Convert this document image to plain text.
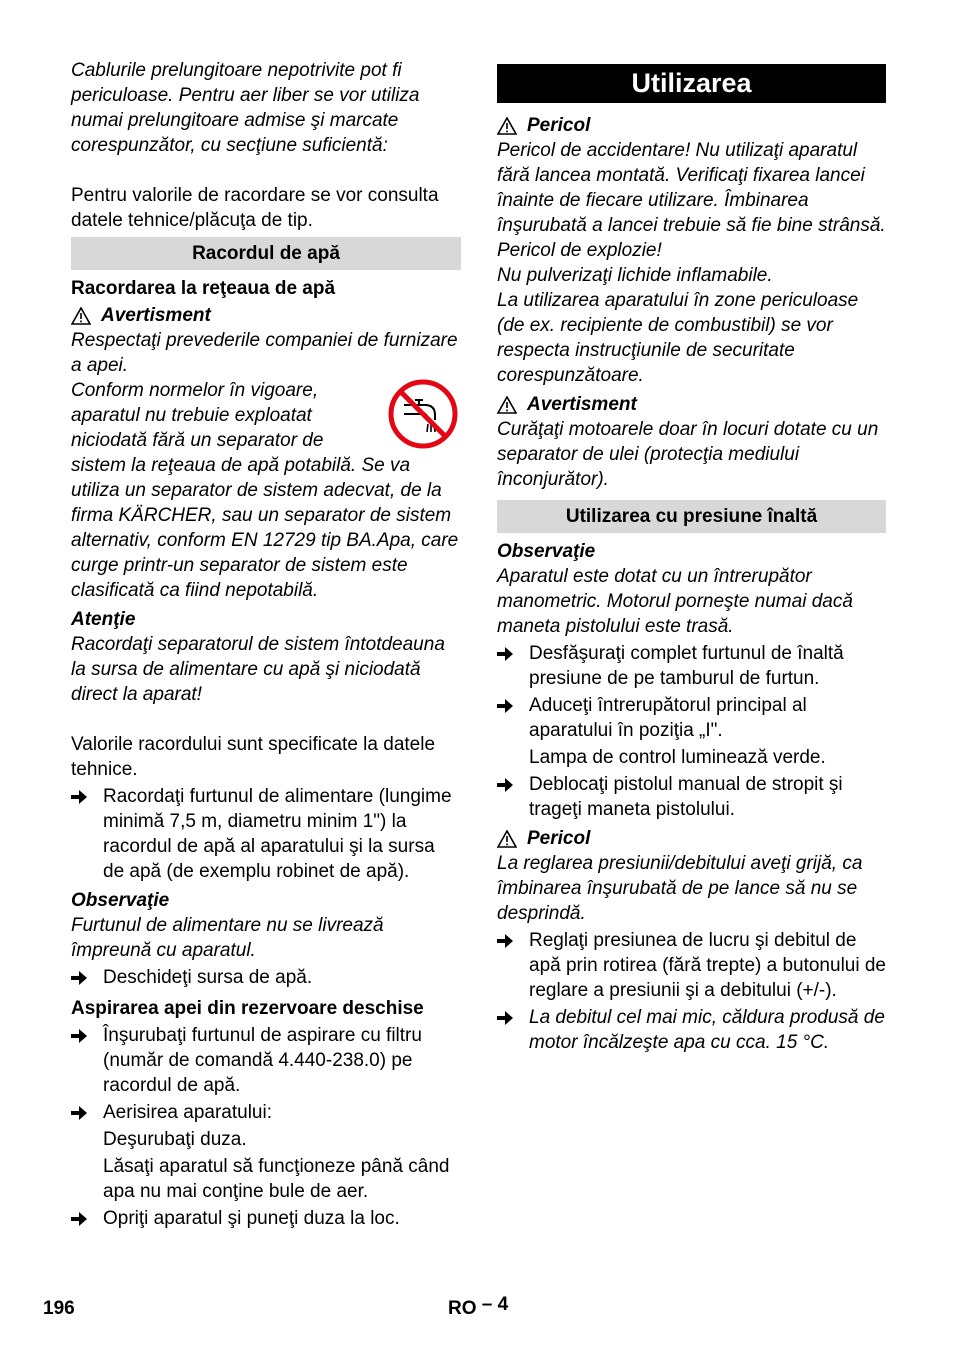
Cablurile prelungitoare nepotrivite pot fi periculoase. Pentru aer liber se vor utiliza numai prelungitoare admise şi marcate corespunzător, cu secţiune suficientă:

Pentru valorile de racordare se vor consulta datele tehnice/plăcuţa de tip.

Racordul de apă
Racordarea la reţeaua de apă
Avertisment

Respectaţi prevederile companiei de furnizare a apei.

Conform normelor în vigoare, aparatul nu trebuie exploatat niciodată fără un separator de sistem la reţeaua de apă potabilă. Se va utiliza un separator de sistem adecvat, de la firma KÄRCHER, sau un separator de sistem alternativ, conform EN 12729 tip BA.Apa, care curge printr-un separator de sistem este clasificată ca fiind nepotabilă.

Atenţie

Racordaţi separatorul de sistem întotdeauna la sursa de alimentare cu apă şi niciodată direct la aparat!

Valorile racordului sunt specificate la datele tehnice.

Racordaţi furtunul de alimentare (lungime minimă 7,5 m, diametru minim 1") la racordul de apă al aparatului şi la sursa de apă (de exemplu robinet de apă).
Observaţie

Furtunul de alimentare nu se livrează împreună cu aparatul.

Deschideţi sursa de apă.
Aspirarea apei din rezervoare deschise
Înşurubaţi furtunul de aspirare cu filtru (număr de comandă 4.440-238.0) pe racordul de apă.
Aerisirea aparatului:
Deşurubaţi duza.
Lăsaţi aparatul să funcţioneze până când apa nu mai conţine bule de aer.
Opriţi aparatul şi puneţi duza la loc.
Utilizarea
Pericol

Pericol de accidentare! Nu utilizaţi aparatul fără lancea montată. Verificaţi fixarea lancei înainte de fiecare utilizare. Îmbinarea înşurubată a lancei trebuie să fie bine strânsă.

Pericol de explozie!

Nu pulverizaţi lichide inflamabile.

La utilizarea aparatului în zone periculoase (de ex. recipiente de combustibil) se vor respecta instrucţiunile de securitate corespunzătoare.

Avertisment

Curăţaţi motoarele doar în locuri dotate cu un separator de ulei (protecţia mediului înconjurător).

Utilizarea cu presiune înaltă
Observaţie

Aparatul este dotat cu un întrerupător manometric. Motorul porneşte numai dacă maneta pistolului este trasă.

Desfăşuraţi complet furtunul de înaltă presiune de pe tamburul de furtun.
Aduceţi întrerupătorul principal al aparatului în poziţia „I".
Lampa de control luminează verde.
Deblocaţi pistolul manual de stropit şi trageţi maneta pistolului.
Pericol

La reglarea presiunii/debitului aveţi grijă, ca îmbinarea înşurubată de pe lance să nu se desprindă.

Reglaţi presiunea de lucru şi debitul de apă prin rotirea (fără trepte) a butonului de reglare a presiunii şi a debitului (+/-).
La debitul cel mai mic, căldura produsă de motor încălzeşte apa cu cca. 15 °C.
196	RO – 4
